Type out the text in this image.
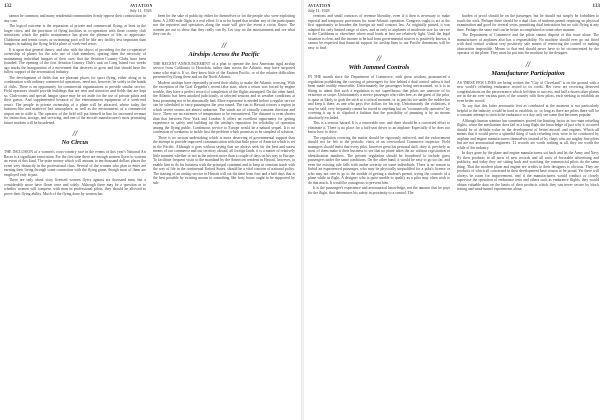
132	AVIATION
July 11, 1928

cannot be common, and many residential communities firmly oppose their construction in any case.

The logical outcome is the separation of private and commercial flying, at least in the larger cities, and the provision of flying facilities in co-operation with those country club attractions which the public maintenance has given the pleasure of life, to appreciate. Clubhouse and tennis courts or swimming pool will be like any facility less important than hangars in making the flying field a place of week-end resort.

It is upon that general theory, and also with the object of providing for the co-operative ownership of planes for the sole use of club members, sparing them the necessity of maintaining individual hangars of their own, that the Aviation Country Clubs have been founded. The opening of the first Aviation Country Club's unit on Long Island two weeks ago marks the inauguration of a movement that deserves to grow and that should have the fullest support of the aeronautical industry.

The development of fields that are pleasant places for sport flying, either along or in combination with ordinary commercial operations, need not, however, be solely in the hands of clubs. There is an opportunity for commercial organizations to provide similar service. Field operators should provide buildings that are neat and attractive and fields that are kept so. Club-rooms and special hangar space may be set aside for the use of private pilots and their guests. And supplemented because of the entertainment equipment of a week-end resort. The people in private ownership of a plane will be attracted, where today the business-like and matter-of-fact atmosphere, as well as the environment, of a commercial airport are to stifle it. The operator of the field will put himself in line for increased revenue for instruction, storage, and servicing, and one of the aircraft manufacturer's most promising future markets will be broadened.

//
No Circus

THE INCLUSION of a women's cross-country race in the events of this year's National Air Races is a significant innovation. For the first time there are enough women flyers to warrant an event of this kind. The prize money which will amount to ten thousand dollars places the event very distinctly in the professional class. Several of the women who plan to enter are earning their living through some connection with the flying game, though most of them are employed only in part.

There are only about sixty licensed women flyers against six thousand men, but a considerably more have flown once and solely. Although there may be a question as to whether women will compete, with men in professional pilots, they should be allowed to prove their flying ability. Much of the flying done by women has

been for the sake of publicity, either for themselves or for the people who were exploiting them. A 2,000 mile flight is a real effort. It is to be hoped that neither any of the participants nor the reporters and spectators along the route will give the event a circus flavor. The women are out to show that they really can fly. Let stay on the entertainment and see what they can do.

//
Airships Across the Pacific

THE RECENT ANNOUNCEMENT of a plan to operate the first American rigid airship service from California to Honolulu, rather than across the Atlantic, may have surprised some who read it. If so, they know little of the Eastern Pacific, or of the relative difficulties presented by flying there and on the North Atlantic.

Modern airships have repeatedly proved their ability to make the Atlantic crossing. With the exception of the Graf Zeppelin's recent false start, when a return was forced by engine trouble, they have a perfect record of completion of the flights attempted. On the other hand, the Atlantic has been attacked judiciously, at selected seasons and in weather conditions at least promising not to be abnormally bad. More experience is needed before a regular service can be scheduled to carry passengers the year round. The run to Hawaii crosses a region in which severe storms are almost unknown. The winds are of virtually constant direction and force. There are no extremes of temperature to be encountered. The distance is even shorter than that between New York and London. It offers an excellent opportunity for getting experience in safety and building up the airship's reputation for reliability of operation among the flying public. Continuous service to Europe would be a natural sequel. It is no confession of weakness to tackle first the problem which promises to be simplest of solution.

There is no serious undertaking which is more deserving of governmental support than the attempt to provide improved communication with that little piece of America which is set in the Pacific. Although it goes without saying that we always seek for the best and surest means of our commerce and our territory abroad, all foreign lands, it is a matter of relatively little moment whether or not in the interest more than a couple of days on his way to Europe. To facilitate frequent visits to the mainland by the American resident in Hawaii, however, to enable him to do his business with the principal continent and to keep in constant touch with the way of life in the continental United States, should be a vital concern of national policy. The starting of an airship service to Hawaii will cut the time from four and a half days that is the best possible by existing means to something like forty hours ought to be supported by sub-

AVIATION
July 11, 1928
133

ventions and small contracts of revenue liberality, even if it then is necessary to make especial and temporary provisions for trans-Atlantic operation. Congress ought to act at the first opportunity to broaden the foreign air mail contract law. As originally passed, it was adapted for only limited range of sizes, and as only to airplanes of moderate size for service to the Caribbean or elsewhere where mail loads at best are relatively light. Until the legal situation is clear, and the income to be had from governmental sources is positively known, it cannot be expected that financial support for airship lines to our Pacific dominions will be easy to find.

//
With Jammed Controls

IN THE month since the Department of Commerce, with great wisdom, pronounced a regulation prohibiting the carrying of passengers for hire behind a dual control unless it had been made readily removable. Unfortunately the passengers being unwarranted, so it is in fitting to admit that such a regulation is not superfluous; that pilots are unaware of its existence or scope. Unfortunately a novice passenger who rides free, as the guest of the pilot, is quite as likely to grab the stick at a critical moment, or to jam his toe under the rudder-bar and keep it there, as one who pays five dollars for his trip. Unfortunately the violations, it may be said, very frequently cannot be traced to anything but an "economically operative" by covering it up is so slipshod a fashion that the possibility of jamming is by no means absolutely excluded.

This is a serious hazard. It is a removable one, and there should be a concerted effort to eliminate it. There is no place for a half-seat driver to an airplane. Especially if he does not know how to drive.

The regulation covering the matter should be rigorously enforced, and the enforcement should not be left to the periodic visits of an overworked Commerce inspector. Field managers should insist that every pilot, however great his personal skill, obey it, precisely as most of them make it their business to see that no plane takes the air without registration or identification numbers. The present regulation should be broadened to include guest passengers under the same conditions. On the other hand, it would be easy to go too far, and even the existing rule falls with undue severity on some individuals. There is no reason to forbid an experienced passenger, who may be physically unqualified for a pilot's license or who may not care to go to the trouble of getting a student's permit, trying the controls of a plane while in flight. A designer who is quite unable to qualify as a pilot may often wish to do that much. It would be outrageous to prevent him.

It is the passenger's experience and aeronautical knowledge, not the amount that he pays for the flight, that determines his safety in proximity to a control. The

burden of proof should be on the passenger, but he should not simply be forbidden to touch the stick. Perhaps there should be a dual class of students permit requiring no physical examination and good for several years, permitting dual instruction but no solo flying at any time. Perhaps the same end can be better accomplished in some other manner.

The Department of Commerce and the pilots cannot dispose of this issue alone. The manufacturer of airplanes also has a responsibility. No machine should ever go out fitted with dual control without very positively safe means of removing the control or making obstruction impossible. Means to that end should never have to be circumvented by the operator of the plane. They must be put into the machine by the designer.

//
Manufacturer Participation

AS THESE FEW LINES are being written the "City of Cleveland" is on the ground with a new world's refueling endurance record to its credit. Her crew are receiving deserved congratulations on the perseverance which led them to success, and half a dozen other planes are in the air over various parts of the country with their pilots, each seeking to establish an even better record.

To say that this latter aeronautic feat as conducted at the moment is not particularly helpful to the industry would be hard to establish, or, so long as there are pilots there will be a constant attempt to stretch the endurance to a day only see some that becomes popular.

Although human stamina has sometimes proved the limiting factor in two-man refueling flights, when the mechanism does fail in a long flight the knowledge of just why it occurred should be of definite value in the development of better aircraft and engines. Which all means that it would prove a splendid thing if such refueling tests were to be conducted by airplane and engine manufacturers themselves instead of by chaps who are mighty fine pilots but are not aeronautical engineers. 12 records are worth nothing at all, they are worth the while of the industry.

In days gone by the plane and engine manufacturers sat back and let the Army and Navy fly their products in all sorts of new records and all sorts of favorable advertising and publicity, and today they are sitting back and watching the commercial pilots do the same thing. That the modern plane and engine are credits to their designers is obvious. They are products of which all concerned in their development have reason to be proud. Yet there will always be room for improvement, and if the manufacturers would conduct or closely supervise the operation of endurance tests and others such as endurance flights, they would obtain valuable data on the limits of their products which they can never secure by block testing and wind-tunnel experiments alone.
